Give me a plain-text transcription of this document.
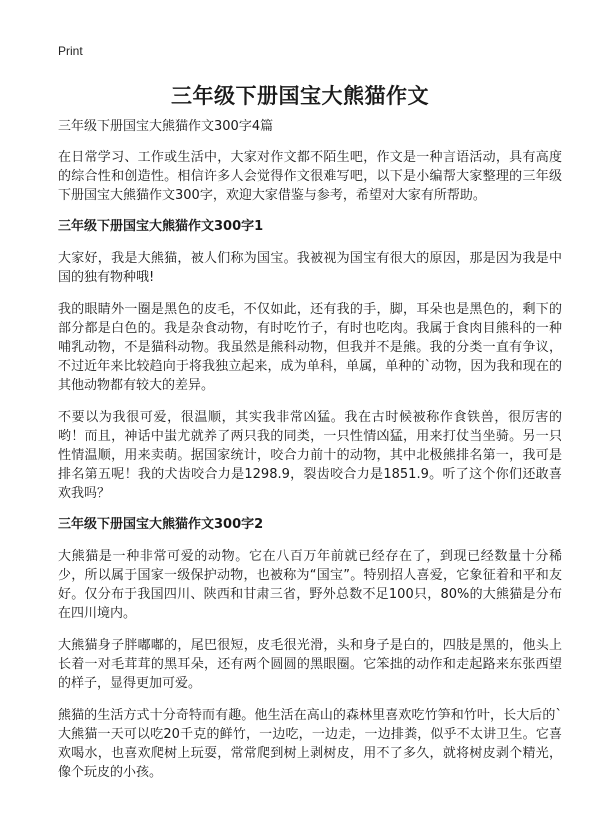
Print
三年级下册国宝大熊猫作文
三年级下册国宝大熊猫作文300字4篇

在日常学习、工作或生活中，大家对作文都不陌生吧，作文是一种言语活动，具有高度的综合性和创造性。相信许多人会觉得作文很难写吧，以下是小编帮大家整理的三年级下册国宝大熊猫作文300字，欢迎大家借鉴与参考，希望对大家有所帮助。

三年级下册国宝大熊猫作文300字1

大家好，我是大熊猫，被人们称为国宝。我被视为国宝有很大的原因，那是因为我是中国的独有物种哦!

我的眼睛外一圈是黑色的皮毛，不仅如此，还有我的手，脚，耳朵也是黑色的，剩下的部分都是白色的。我是杂食动物，有时吃竹子，有时也吃肉。我属于食肉目熊科的一种哺乳动物，不是猫科动物。我虽然是熊科动物，但我并不是熊。我的分类一直有争议，不过近年来比较趋向于将我独立起来，成为单科，单属，单种的`动物，因为我和现在的其他动物都有较大的差异。

不要以为我很可爱，很温顺，其实我非常凶猛。我在古时候被称作食铁兽，很厉害的哟！而且，神话中蚩尤就养了两只我的同类，一只性情凶猛，用来打仗当坐骑。另一只性情温顺，用来卖萌。据国家统计，咬合力前十的动物，其中北极熊排名第一，我可是排名第五呢！我的犬齿咬合力是1298.9，裂齿咬合力是1851.9。听了这个你们还敢喜欢我吗？

三年级下册国宝大熊猫作文300字2

大熊猫是一种非常可爱的动物。它在八百万年前就已经存在了，到现已经数量十分稀少，所以属于国家一级保护动物，也被称为“国宝”。特别招人喜爱，它象征着和平和友好。仅分布于我国四川、陕西和甘肃三省，野外总数不足100只，80%的大熊猫是分布在四川境内。

大熊猫身子胖嘟嘟的，尾巴很短，皮毛很光滑，头和身子是白的，四肢是黑的，他头上长着一对毛茸茸的黑耳朵，还有两个圆圆的黑眼圈。它笨拙的动作和走起路来东张西望的样子，显得更加可爱。

熊猫的生活方式十分奇特而有趣。他生活在高山的森林里喜欢吃竹笋和竹叶，长大后的`大熊猫一天可以吃20千克的鲜竹，一边吃，一边走，一边排粪，似乎不太讲卫生。它喜欢喝水，也喜欢爬树上玩耍，常常爬到树上剥树皮，用不了多久，就将树皮剥个精光，像个玩皮的小孩。
